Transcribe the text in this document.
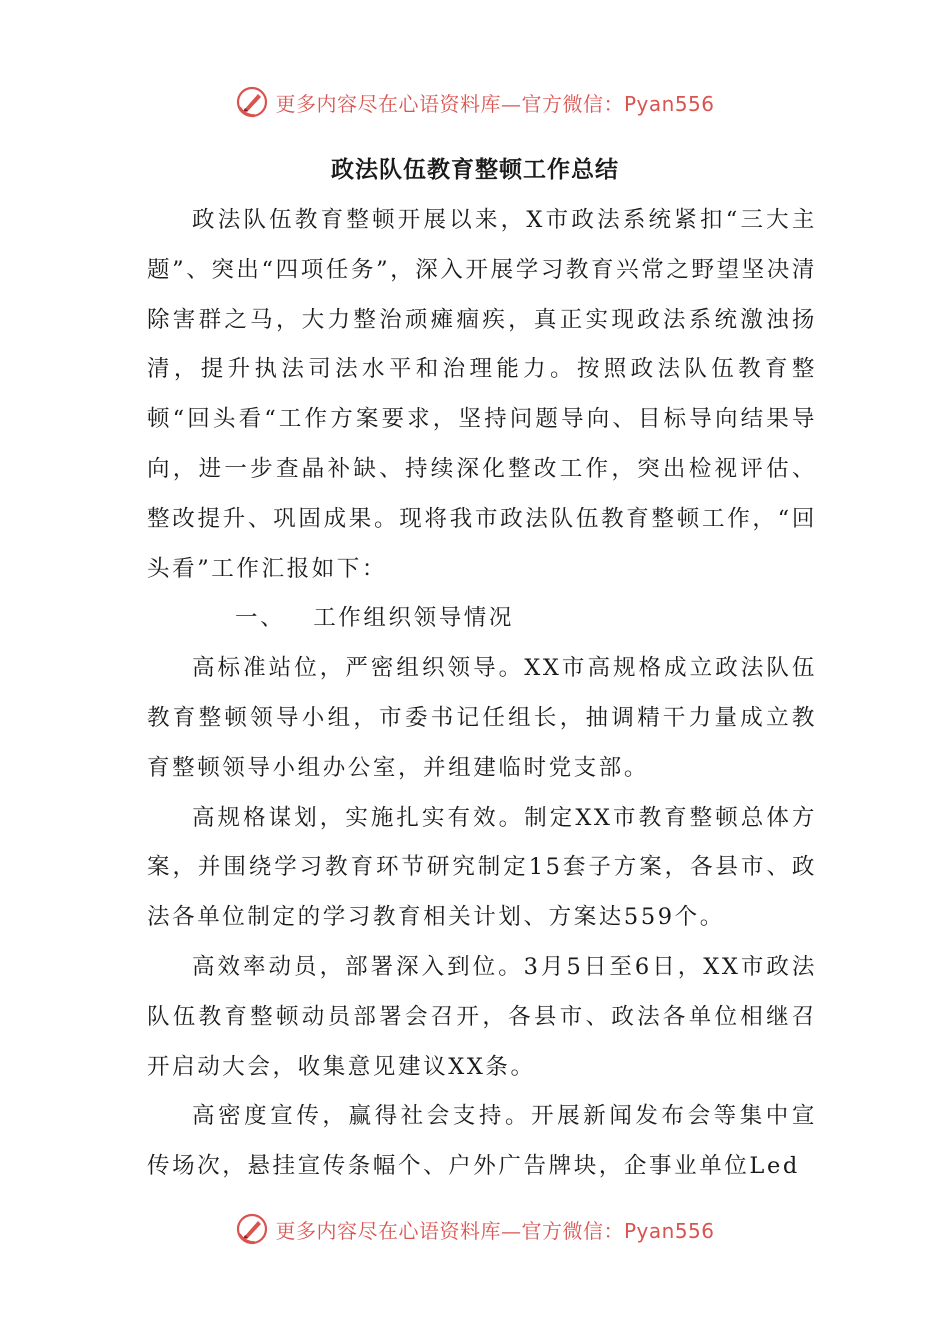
更多内容尽在心语资料库—官方微信：Pyan556
政法队伍教育整顿工作总结

政法队伍教育整顿开展以来，X市政法系统紧扣“三大主题”、突出“四项任务”，深入开展学习教育兴常之野望坚决清除害群之马，大力整治顽瘫痼疾，真正实现政法系统激浊扬清，提升执法司法水平和治理能力。按照政法队伍教育整顿“回头看“工作方案要求，坚持问题导向、目标导向结果导向，进一步查晶补缺、持续深化整改工作，突出检视评估、整改提升、巩固成果。现将我市政法队伍教育整顿工作，“回头看”工作汇报如下：

一、 工作组织领导情况

高标准站位，严密组织领导。XX市高规格成立政法队伍教育整顿领导小组，市委书记任组长，抽调精干力量成立教育整顿领导小组办公室，并组建临时党支部。

高规格谋划，实施扎实有效。制定XX市教育整顿总体方案，并围绕学习教育环节研究制定15套子方案，各县市、政法各单位制定的学习教育相关计划、方案达559个。

高效率动员，部署深入到位。3月5日至6日，XX市政法队伍教育整顿动员部署会召开，各县市、政法各单位相继召开启动大会，收集意见建议XX条。

高密度宣传，赢得社会支持。开展新闻发布会等集中宣传场次，悬挂宣传条幅个、户外广告牌块，企事业单位Led

更多内容尽在心语资料库—官方微信：Pyan556
